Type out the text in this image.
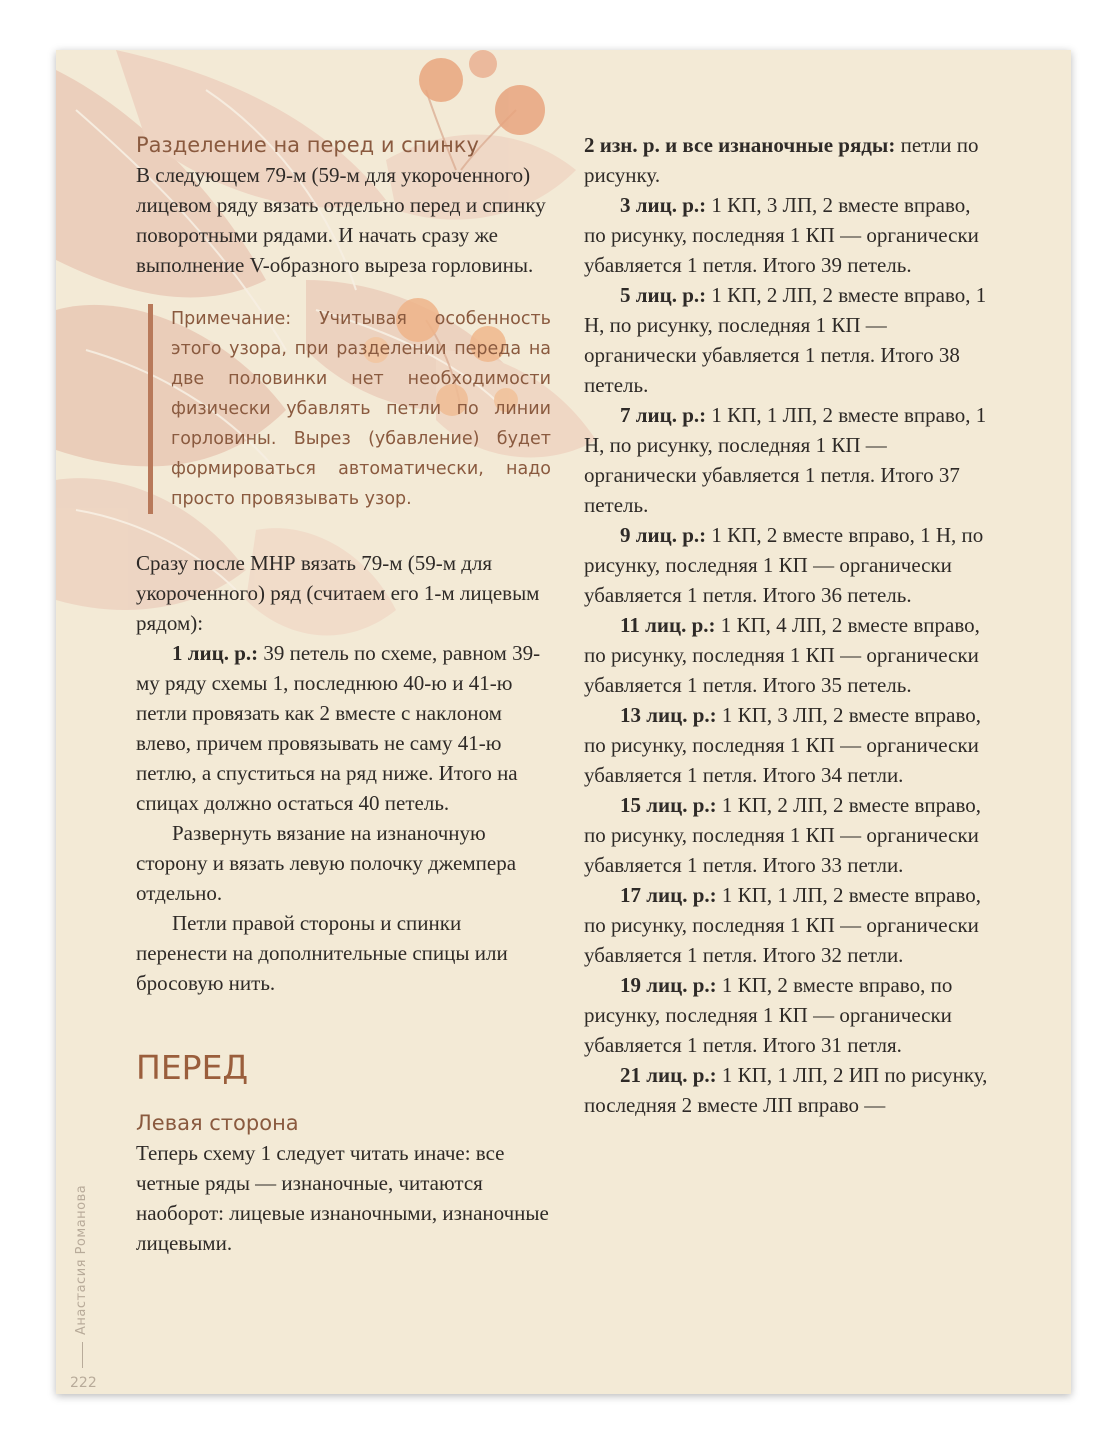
Разделение на перед и спинку

В следующем 79-м (59-м для укороченного) лицевом ряду вязать отдельно перед и спинку поворотными рядами. И начать сразу же выполнение V-образного выреза горловины.

Примечание: Учитывая особенность этого узора, при разделении переда на две половинки нет необходимости физически убавлять петли по линии горловины. Вырез (убавление) будет формироваться автоматически, надо просто провязывать узор.

Сразу после МНР вязать 79-м (59-м для укороченного) ряд (считаем его 1-м лицевым рядом):

1 лиц. р.: 39 петель по схеме, равном 39-му ряду схемы 1, последнюю 40-ю и 41-ю петли провязать как 2 вместе с наклоном влево, причем провязывать не саму 41-ю петлю, а спуститься на ряд ниже. Итого на спицах должно остаться 40 петель.

Развернуть вязание на изнаночную сторону и вязать левую полочку джемпера отдельно.

Петли правой стороны и спинки перенести на дополнительные спицы или бросовую нить.

ПЕРЕД
Левая сторона

Теперь схему 1 следует читать иначе: все четные ряды — изнаночные, читаются наоборот: лицевые изнаночными, изнаночные лицевыми.

2 изн. р. и все изнаночные ряды: петли по рисунку.

3 лиц. р.: 1 КП, 3 ЛП, 2 вместе вправо, по рисунку, последняя 1 КП — органически убавляется 1 петля. Итого 39 петель.

5 лиц. р.: 1 КП, 2 ЛП, 2 вместе вправо, 1 Н, по рисунку, последняя 1 КП — органически убавляется 1 петля. Итого 38 петель.

7 лиц. р.: 1 КП, 1 ЛП, 2 вместе вправо, 1 Н, по рисунку, последняя 1 КП — органически убавляется 1 петля. Итого 37 петель.

9 лиц. р.: 1 КП, 2 вместе вправо, 1 Н, по рисунку, последняя 1 КП — органически убавляется 1 петля. Итого 36 петель.

11 лиц. р.: 1 КП, 4 ЛП, 2 вместе вправо, по рисунку, последняя 1 КП — органически убавляется 1 петля. Итого 35 петель.

13 лиц. р.: 1 КП, 3 ЛП, 2 вместе вправо, по рисунку, последняя 1 КП — органически убавляется 1 петля. Итого 34 петли.

15 лиц. р.: 1 КП, 2 ЛП, 2 вместе вправо, по рисунку, последняя 1 КП — органически убавляется 1 петля. Итого 33 петли.

17 лиц. р.: 1 КП, 1 ЛП, 2 вместе вправо, по рисунку, последняя 1 КП — органически убавляется 1 петля. Итого 32 петли.

19 лиц. р.: 1 КП, 2 вместе вправо, по рисунку, последняя 1 КП — органически убавляется 1 петля. Итого 31 петля.

21 лиц. р.: 1 КП, 1 ЛП, 2 ИП по рисунку, последняя 2 вместе ЛП вправо —

Анастасия Романова
222
